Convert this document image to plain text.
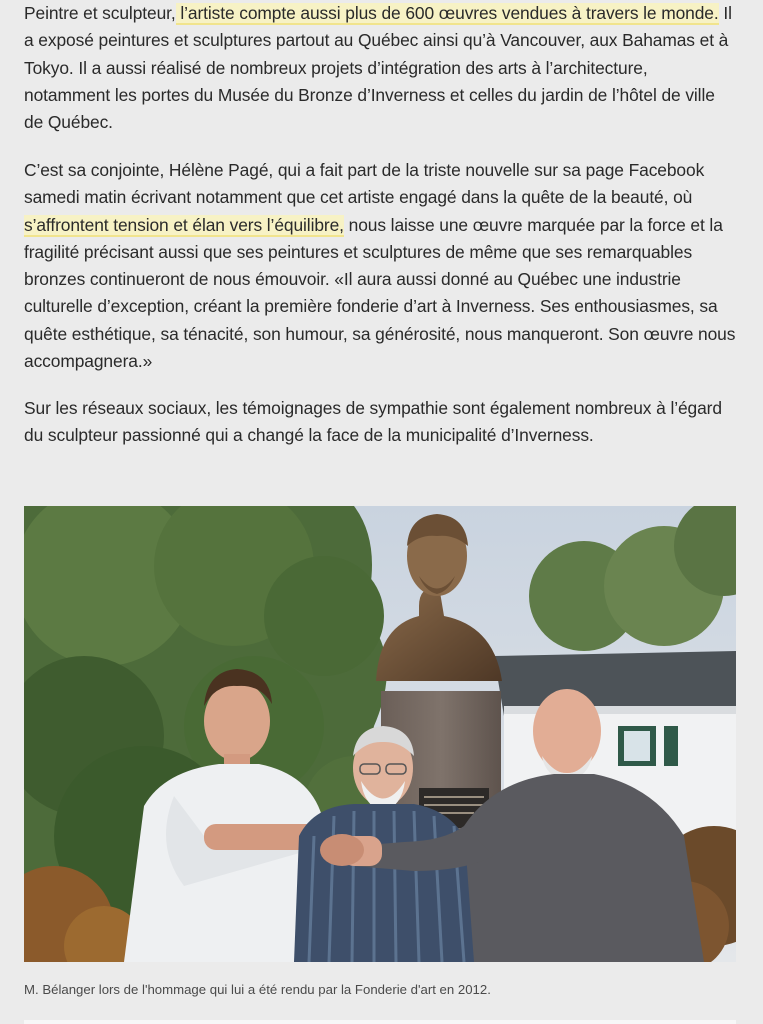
Peintre et sculpteur, l’artiste compte aussi plus de 600 œuvres vendues à travers le monde. Il a exposé peintures et sculptures partout au Québec ainsi qu’à Vancouver, aux Bahamas et à Tokyo. Il a aussi réalisé de nombreux projets d’intégration des arts à l’architecture, notamment les portes du Musée du Bronze d’Inverness et celles du jardin de l’hôtel de ville de Québec.

C’est sa conjointe, Hélène Pagé, qui a fait part de la triste nouvelle sur sa page Facebook samedi matin écrivant notamment que cet artiste engagé dans la quête de la beauté, où s’affrontent tension et élan vers l’équilibre, nous laisse une œuvre marquée par la force et la fragilité précisant aussi que ses peintures et sculptures de même que ses remarquables bronzes continueront de nous émouvoir. «Il aura aussi donné au Québec une industrie culturelle d’exception, créant la première fonderie d’art à Inverness. Ses enthousiasmes, sa quête esthétique, sa ténacité, son humour, sa générosité, nous manqueront. Son œuvre nous accompagnera.»

Sur les réseaux sociaux, les témoignages de sympathie sont également nombreux à l’égard du sculpteur passionné qui a changé la face de la municipalité d’Inverness.

M. Bélanger lors de l'hommage qui lui a été rendu par la Fonderie d'art en 2012.
